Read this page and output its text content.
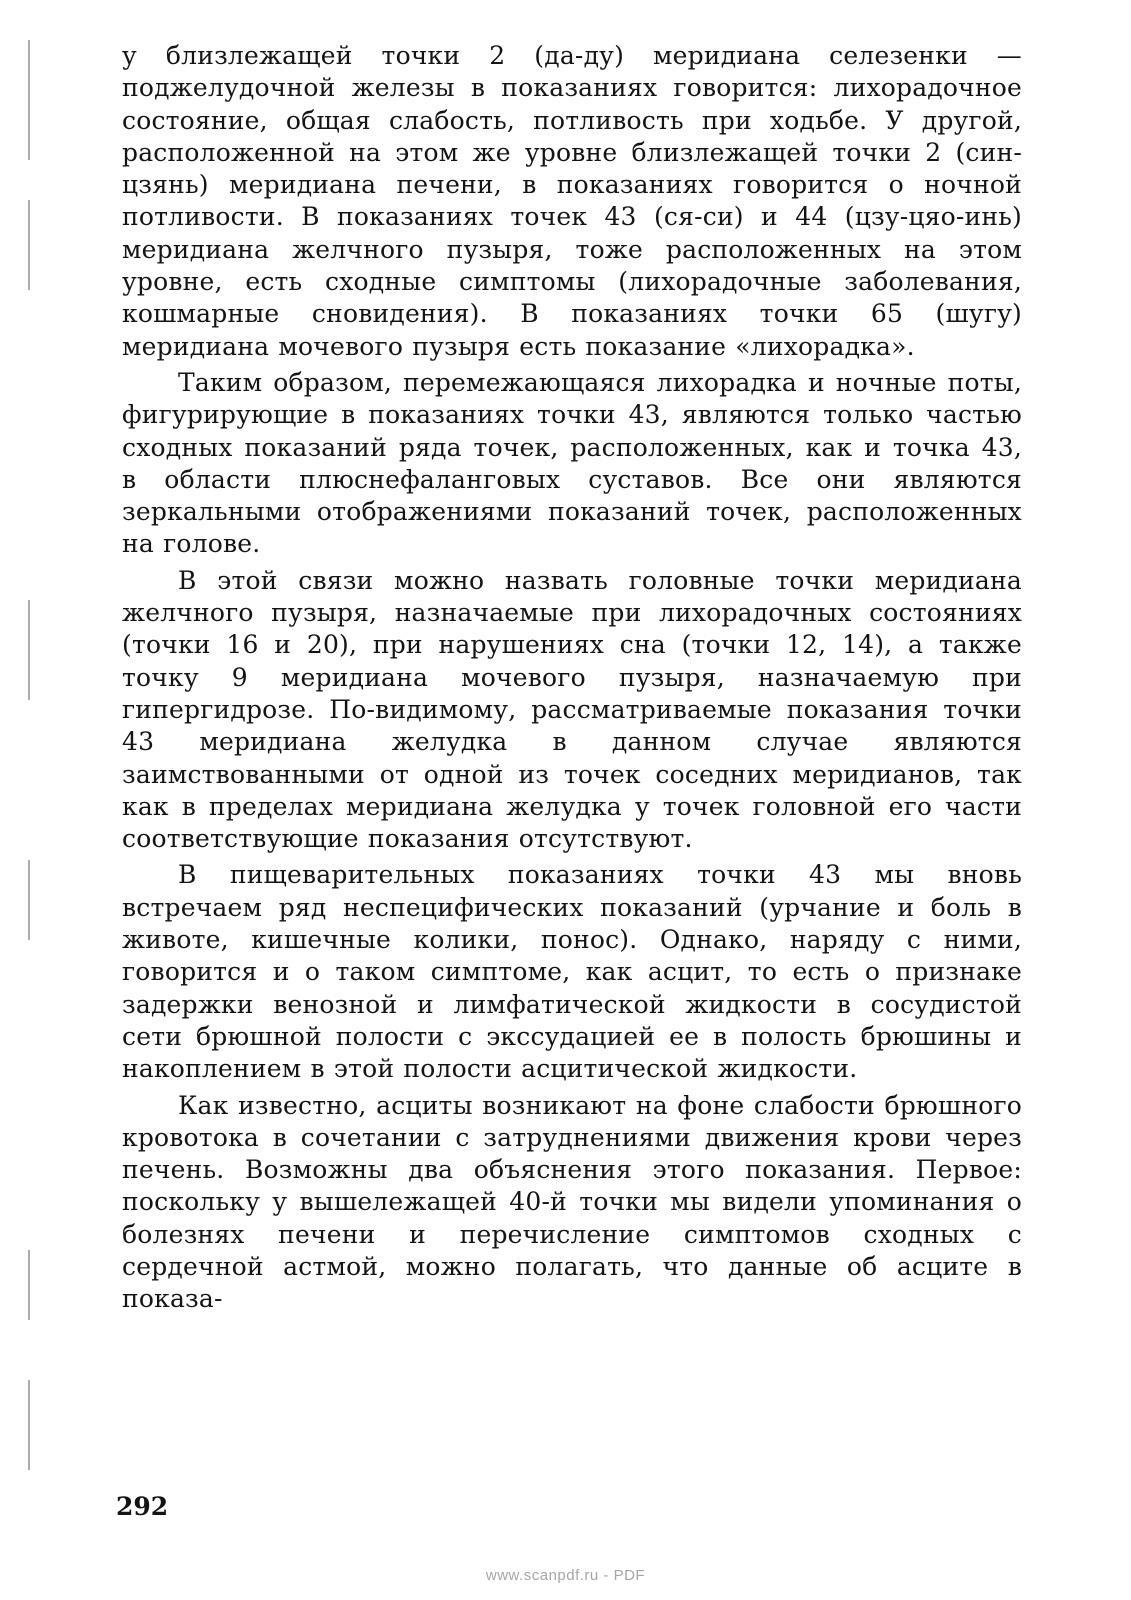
у близлежащей точки 2 (да-ду) меридиана селезенки — поджелудочной железы в показаниях говорится: лихорадочное состояние, общая слабость, потливость при ходьбе. У другой, расположенной на этом же уровне близлежащей точки 2 (син-цзянь) меридиана печени, в показаниях говорится о ночной потливости. В показаниях точек 43 (ся-си) и 44 (цзу-цяо-инь) меридиана желчного пузыря, тоже расположенных на этом уровне, есть сходные симптомы (лихорадочные заболевания, кошмарные сновидения). В показаниях точки 65 (шугу) меридиана мочевого пузыря есть показание «лихорадка».

Таким образом, перемежающаяся лихорадка и ночные поты, фигурирующие в показаниях точки 43, являются только частью сходных показаний ряда точек, расположенных, как и точка 43, в области плюснефаланговых суставов. Все они являются зеркальными отображениями показаний точек, расположенных на голове.

В этой связи можно назвать головные точки меридиана желчного пузыря, назначаемые при лихорадочных состояниях (точки 16 и 20), при нарушениях сна (точки 12, 14), а также точку 9 меридиана мочевого пузыря, назначаемую при гипергидрозе. По-видимому, рассматриваемые показания точки 43 меридиана желудка в данном случае являются заимствованными от одной из точек соседних меридианов, так как в пределах меридиана желудка у точек головной его части соответствующие показания отсутствуют.

В пищеварительных показаниях точки 43 мы вновь встречаем ряд неспецифических показаний (урчание и боль в животе, кишечные колики, понос). Однако, наряду с ними, говорится и о таком симптоме, как асцит, то есть о признаке задержки венозной и лимфатической жидкости в сосудистой сети брюшной полости с экссудацией ее в полость брюшины и накоплением в этой полости асцитической жидкости.

Как известно, асциты возникают на фоне слабости брюшного кровотока в сочетании с затруднениями движения крови через печень. Возможны два объяснения этого показания. Первое: поскольку у вышележащей 40-й точки мы видели упоминания о болезнях печени и перечисление симптомов сходных с сердечной астмой, можно полагать, что данные об асците в показа-

292
www.scanpdf.ru - PDF
